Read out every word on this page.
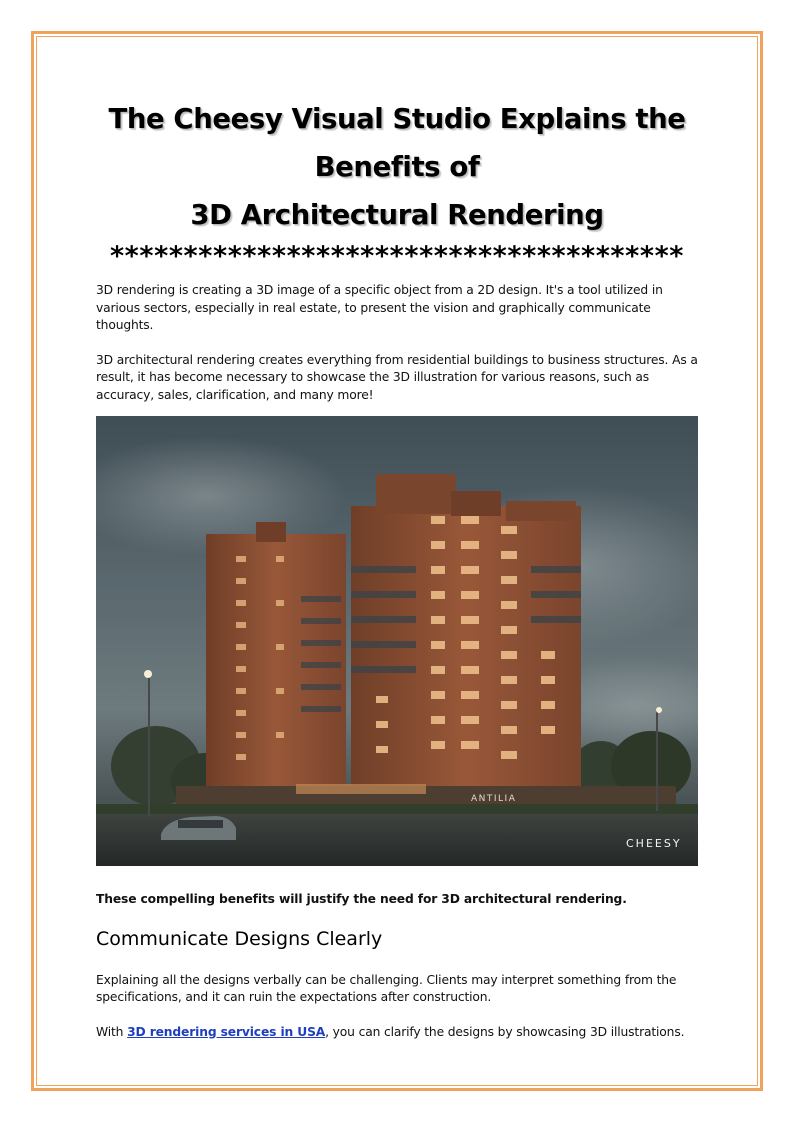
The Cheesy Visual Studio Explains the Benefits of
3D Architectural Rendering
***************************************

3D rendering is creating a 3D image of a specific object from a 2D design. It's a tool utilized in various sectors, especially in real estate, to present the vision and graphically communicate thoughts.

3D architectural rendering creates everything from residential buildings to business structures. As a result, it has become necessary to showcase the 3D illustration for various reasons, such as accuracy, sales, clarification, and many more!

ANTILIA
CHEESY

These compelling benefits will justify the need for 3D architectural rendering.

Communicate Designs Clearly

Explaining all the designs verbally can be challenging. Clients may interpret something from the specifications, and it can ruin the expectations after construction.

With 3D rendering services in USA, you can clarify the designs by showcasing 3D illustrations.
